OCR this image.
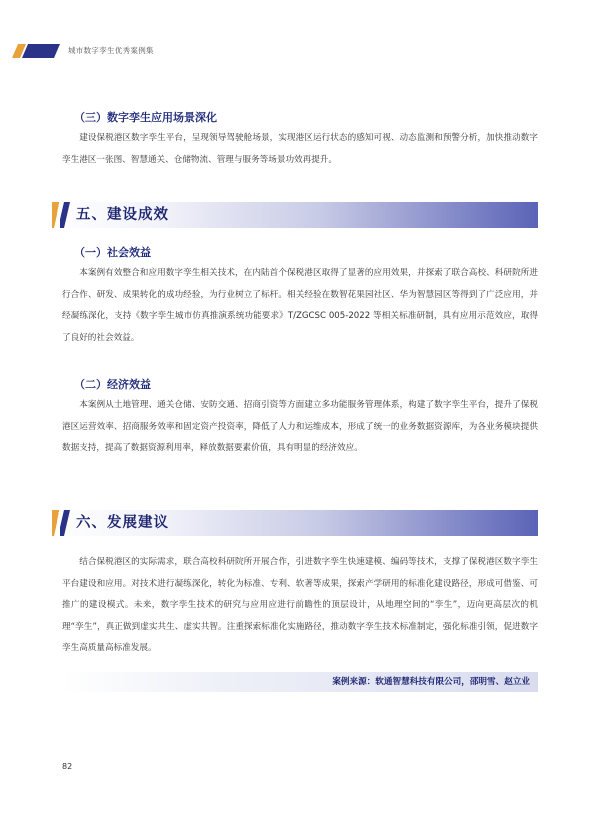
城市数字孪生优秀案例集
（三）数字孪生应用场景深化

建设保税港区数字孪生平台，呈现领导驾驶舱场景，实现港区运行状态的感知可视、动态监测和预警分析，加快推动数字孪生港区一张图、智慧通关、仓储物流、管理与服务等场景功效再提升。

五、建设成效
（一）社会效益

本案例有效整合和应用数字孪生相关技术，在内陆首个保税港区取得了显著的应用效果，并探索了联合高校、科研院所进行合作、研发、成果转化的成功经验，为行业树立了标杆。相关经验在数智花果园社区、华为智慧园区等得到了广泛应用，并经凝练深化，支持《数字孪生城市仿真推演系统功能要求》T/ZGCSC 005-2022 等相关标准研制，具有应用示范效应，取得了良好的社会效益。

（二）经济效益

本案例从土地管理、通关仓储、安防交通、招商引资等方面建立多功能服务管理体系，构建了数字孪生平台，提升了保税港区运营效率、招商服务效率和固定资产投资率，降低了人力和运维成本，形成了统一的业务数据资源库，为各业务模块提供数据支持，提高了数据资源利用率，释放数据要素价值，具有明显的经济效应。

六、发展建议

结合保税港区的实际需求，联合高校科研院所开展合作，引进数字孪生快速建模、编码等技术，支撑了保税港区数字孪生平台建设和应用。对技术进行凝练深化，转化为标准、专利、软著等成果，探索产学研用的标准化建设路径，形成可借鉴、可推广的建设模式。未来，数字孪生技术的研究与应用应进行前瞻性的顶层设计，从地理空间的“孪生”，迈向更高层次的机理“孪生”，真正做到虚实共生、虚实共智。注重探索标准化实施路径，推动数字孪生技术标准制定，强化标准引领，促进数字孪生高质量高标准发展。

案例来源：软通智慧科技有限公司，邵明雪、赵立业
82
